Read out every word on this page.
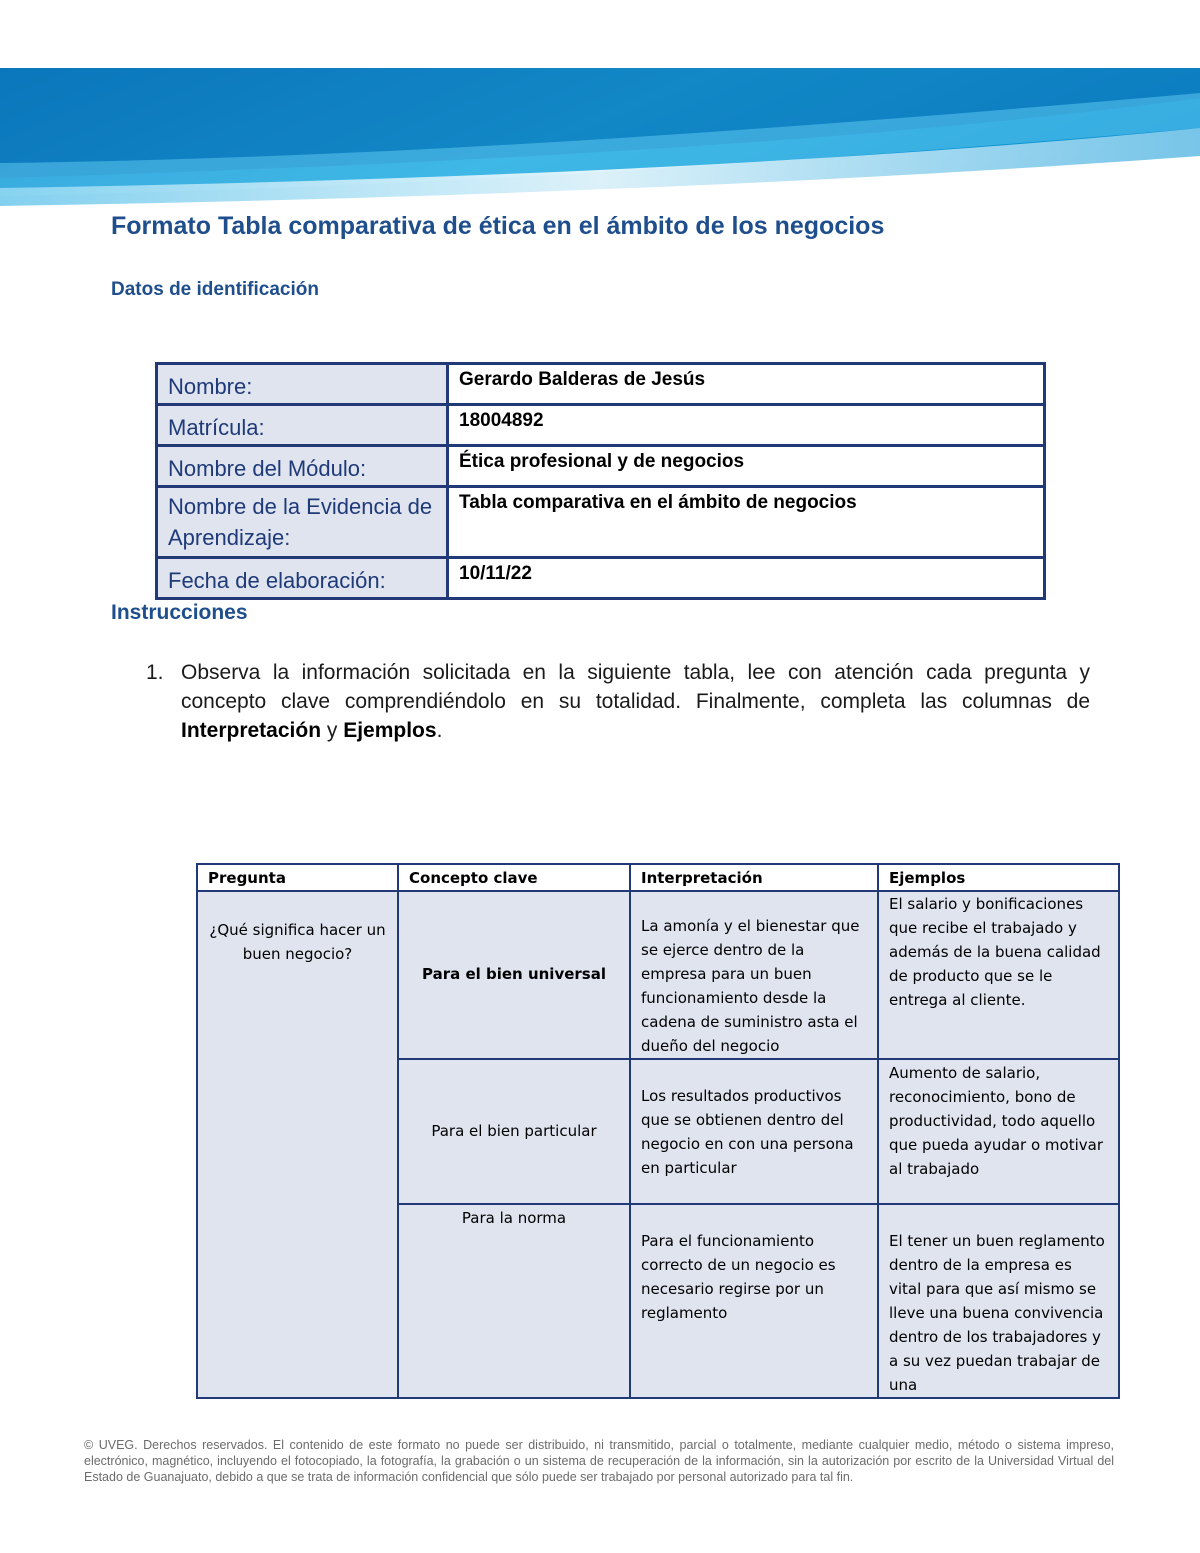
Formato Tabla comparativa de ética en el ámbito de los negocios
Datos de identificación
Nombre:	Gerardo Balderas de Jesús
Matrícula:	18004892
Nombre del Módulo:	Ética profesional y de negocios
Nombre de la Evidencia de Aprendizaje:	Tabla comparativa en el ámbito de negocios
Fecha de elaboración:	10/11/22
Instrucciones
1. Observa la información solicitada en la siguiente tabla, lee con atención cada pregunta y concepto clave comprendiéndolo en su totalidad. Finalmente, completa las columnas de Interpretación y Ejemplos.
Pregunta	Concepto clave	Interpretación	Ejemplos
¿Qué significa hacer un buen negocio?	Para el bien universal	La amonía y el bienestar que se ejerce dentro de la empresa para un buen funcionamiento desde la cadena de suministro asta el dueño del negocio	El salario y bonificaciones que recibe el trabajado y además de la buena calidad de producto que se le entrega al cliente.
	Para el bien particular	Los resultados productivos que se obtienen dentro del negocio en con una persona en particular	Aumento de salario, reconocimiento, bono de productividad, todo aquello que pueda ayudar o motivar al trabajado
	Para la norma	Para el funcionamiento correcto de un negocio es necesario regirse por un reglamento	El tener un buen reglamento dentro de la empresa es vital para que así mismo se lleve una buena convivencia dentro de los trabajadores y a su vez puedan trabajar de una
© UVEG. Derechos reservados. El contenido de este formato no puede ser distribuido, ni transmitido, parcial o totalmente, mediante cualquier medio, método o sistema impreso, electrónico, magnético, incluyendo el fotocopiado, la fotografía, la grabación o un sistema de recuperación de la información, sin la autorización por escrito de la Universidad Virtual del Estado de Guanajuato, debido a que se trata de información confidencial que sólo puede ser trabajado por personal autorizado para tal fin.
